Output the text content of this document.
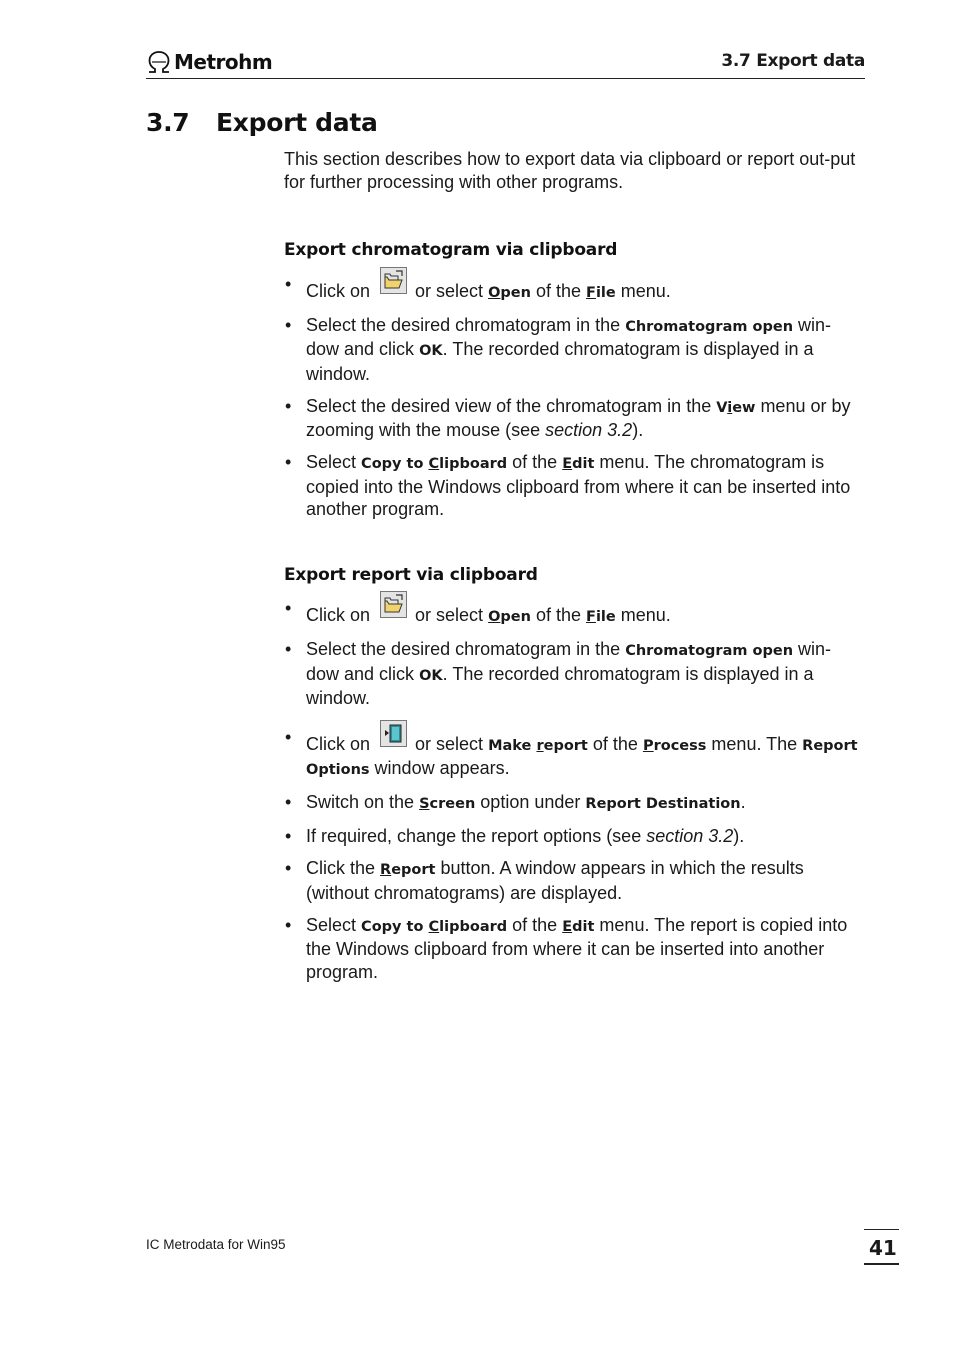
Metrohm	3.7 Export data
3.7 Export data

This section describes how to export data via clipboard or report out-put for further processing with other programs.

Export chromatogram via clipboard
• Click on	or select Open of the File menu.
• Select the desired chromatogram in the Chromatogram open win-dow and click OK. The recorded chromatogram is displayed in a window.
• Select the desired view of the chromatogram in the View menu or by zooming with the mouse (see section 3.2).
• Select Copy to Clipboard of the Edit menu. The chromatogram is copied into the Windows clipboard from where it can be inserted into another program.
Export report via clipboard
• Click on	or select Open of the File menu.
• Select the desired chromatogram in the Chromatogram open win-dow and click OK. The recorded chromatogram is displayed in a window.
• Click on	or select Make report of the Process menu. The Report Options window appears.
• Switch on the Screen option under Report Destination.
• If required, change the report options (see section 3.2).
• Click the Report button. A window appears in which the results (without chromatograms) are displayed.
• Select Copy to Clipboard of the Edit menu. The report is copied into the Windows clipboard from where it can be inserted into another program.
IC Metrodata for Win95	41
